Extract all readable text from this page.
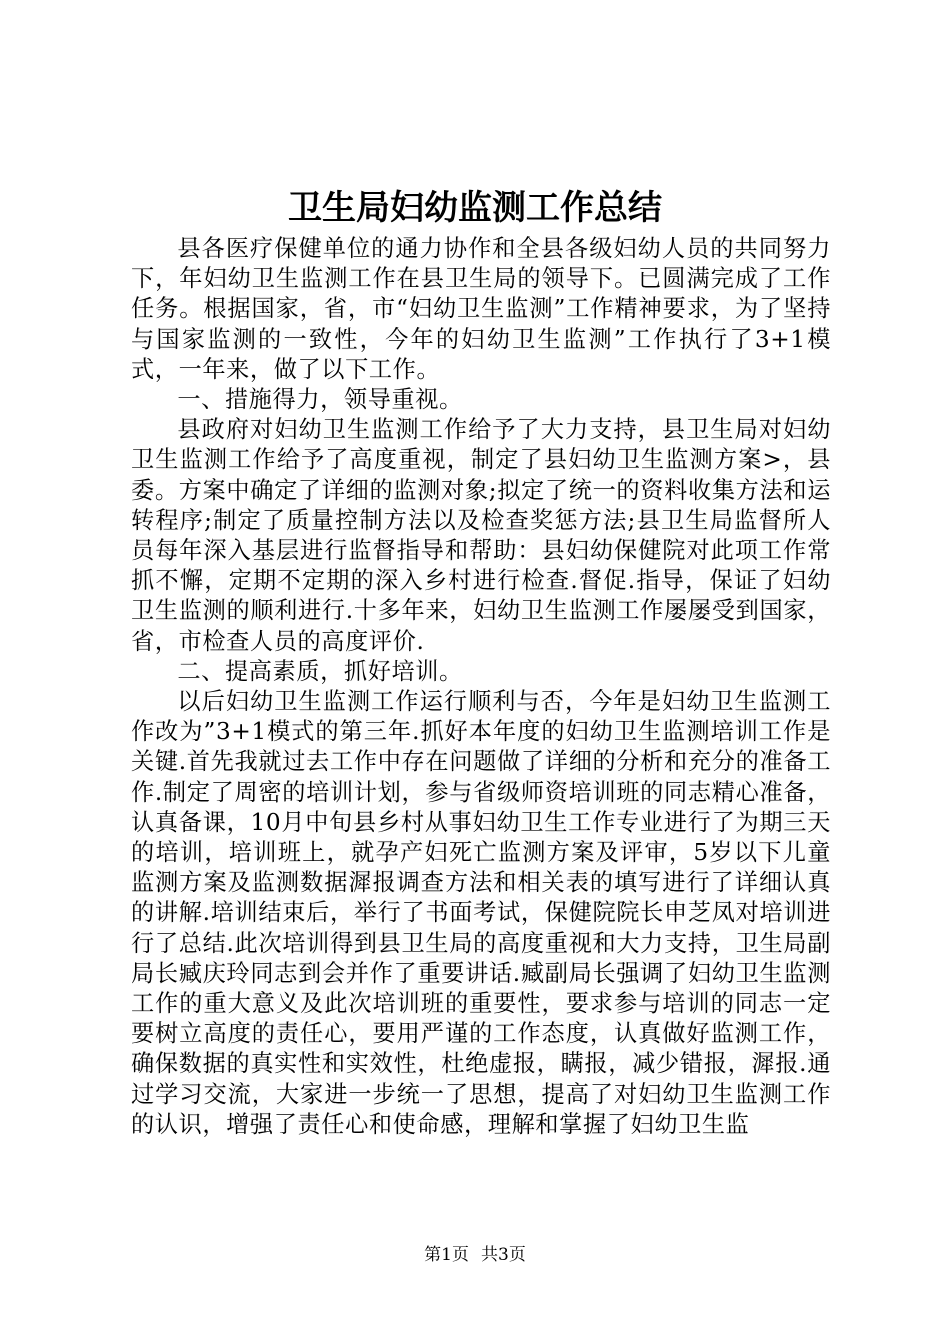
卫生局妇幼监测工作总结

县各医疗保健单位的通力协作和全县各级妇幼人员的共同努力下，年妇幼卫生监测工作在县卫生局的领导下。已圆满完成了工作任务。根据国家，省，市“妇幼卫生监测”工作精神要求，为了坚持与国家监测的一致性，今年的妇幼卫生监测”工作执行了3+1模式，一年来，做了以下工作。

一、措施得力，领导重视。

县政府对妇幼卫生监测工作给予了大力支持，县卫生局对妇幼卫生监测工作给予了高度重视，制定了县妇幼卫生监测方案>，县委。方案中确定了详细的监测对象;拟定了统一的资料收集方法和运转程序;制定了质量控制方法以及检查奖惩方法;县卫生局监督所人员每年深入基层进行监督指导和帮助：县妇幼保健院对此项工作常抓不懈，定期不定期的深入乡村进行检查.督促.指导，保证了妇幼卫生监测的顺利进行.十多年来，妇幼卫生监测工作屡屡受到国家，省，市检查人员的高度评价.

二、提高素质，抓好培训。

以后妇幼卫生监测工作运行顺利与否，今年是妇幼卫生监测工作改为”3+1模式的第三年.抓好本年度的妇幼卫生监测培训工作是关键.首先我就过去工作中存在问题做了详细的分析和充分的准备工作.制定了周密的培训计划，参与省级师资培训班的同志精心准备，认真备课，10月中旬县乡村从事妇幼卫生工作专业进行了为期三天的培训，培训班上，就孕产妇死亡监测方案及评审，5岁以下儿童监测方案及监测数据漽报调查方法和相关表的填写进行了详细认真的讲解.培训结束后，举行了书面考试，保健院院长申芝凤对培训进行了总结.此次培训得到县卫生局的高度重视和大力支持，卫生局副局长臧庆玲同志到会并作了重要讲话.臧副局长强调了妇幼卫生监测工作的重大意义及此次培训班的重要性，要求参与培训的同志一定要树立高度的责任心，要用严谨的工作态度，认真做好监测工作，确保数据的真实性和实效性，杜绝虚报，瞒报，减少错报，漽报.通过学习交流，大家进一步统一了思想，提高了对妇幼卫生监测工作的认识，增强了责任心和使命感，理解和掌握了妇幼卫生监

第1页 共3页
